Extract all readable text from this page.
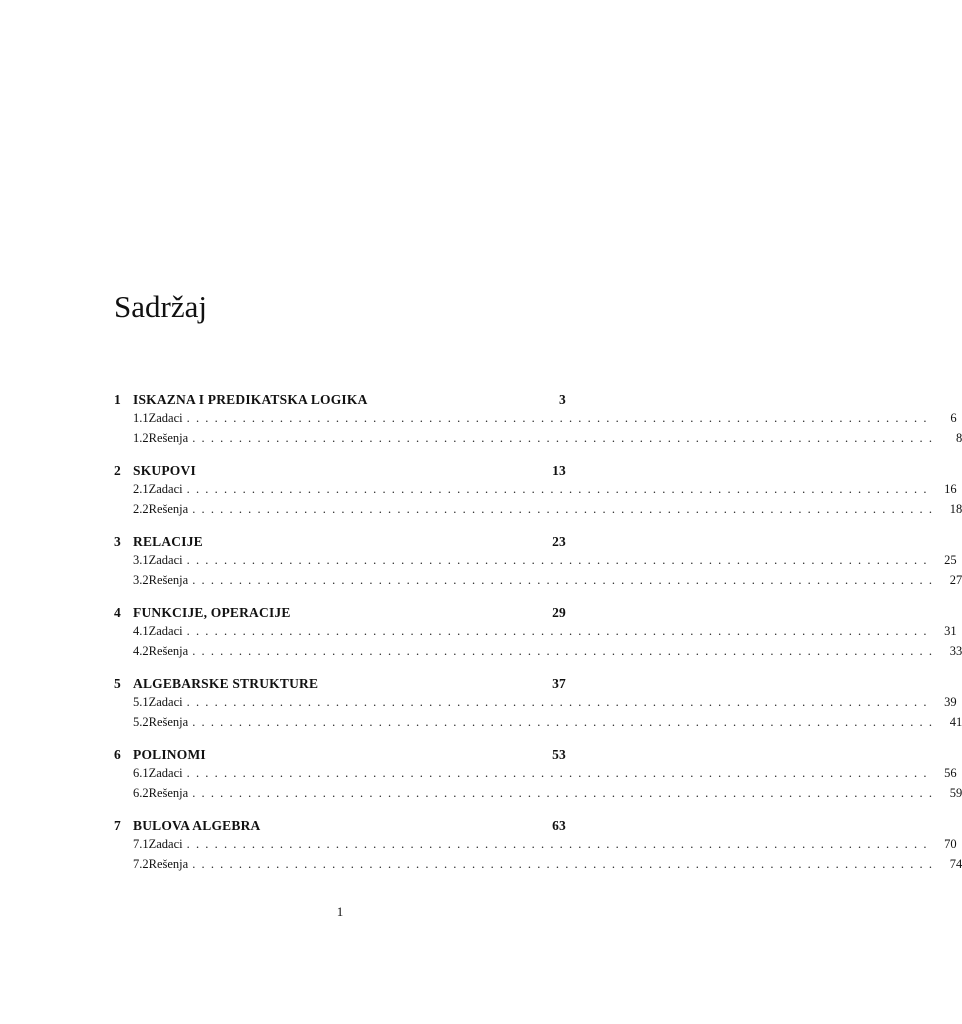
Sadržaj
1 ISKAZNA I PREDIKATSKA LOGIKA	3
1.1 Zadaci ................................................................................	6
1.2 Rešenja ................................................................................	8
2 SKUPOVI	13
2.1 Zadaci ................................................................................ 16
2.2 Rešenja ................................................................................ 18
3 RELACIJE	23
3.1 Zadaci ................................................................................ 25
3.2 Rešenja ................................................................................ 27
4 FUNKCIJE, OPERACIJE	29
4.1 Zadaci ................................................................................ 31
4.2 Rešenja ................................................................................ 33
5 ALGEBARSKE STRUKTURE	37
5.1 Zadaci ................................................................................ 39
5.2 Rešenja ................................................................................ 41
6 POLINOMI	53
6.1 Zadaci ................................................................................ 56
6.2 Rešenja ................................................................................ 59
7 BULOVA ALGEBRA	63
7.1 Zadaci ................................................................................ 70
7.2 Rešenja ................................................................................ 74
1
